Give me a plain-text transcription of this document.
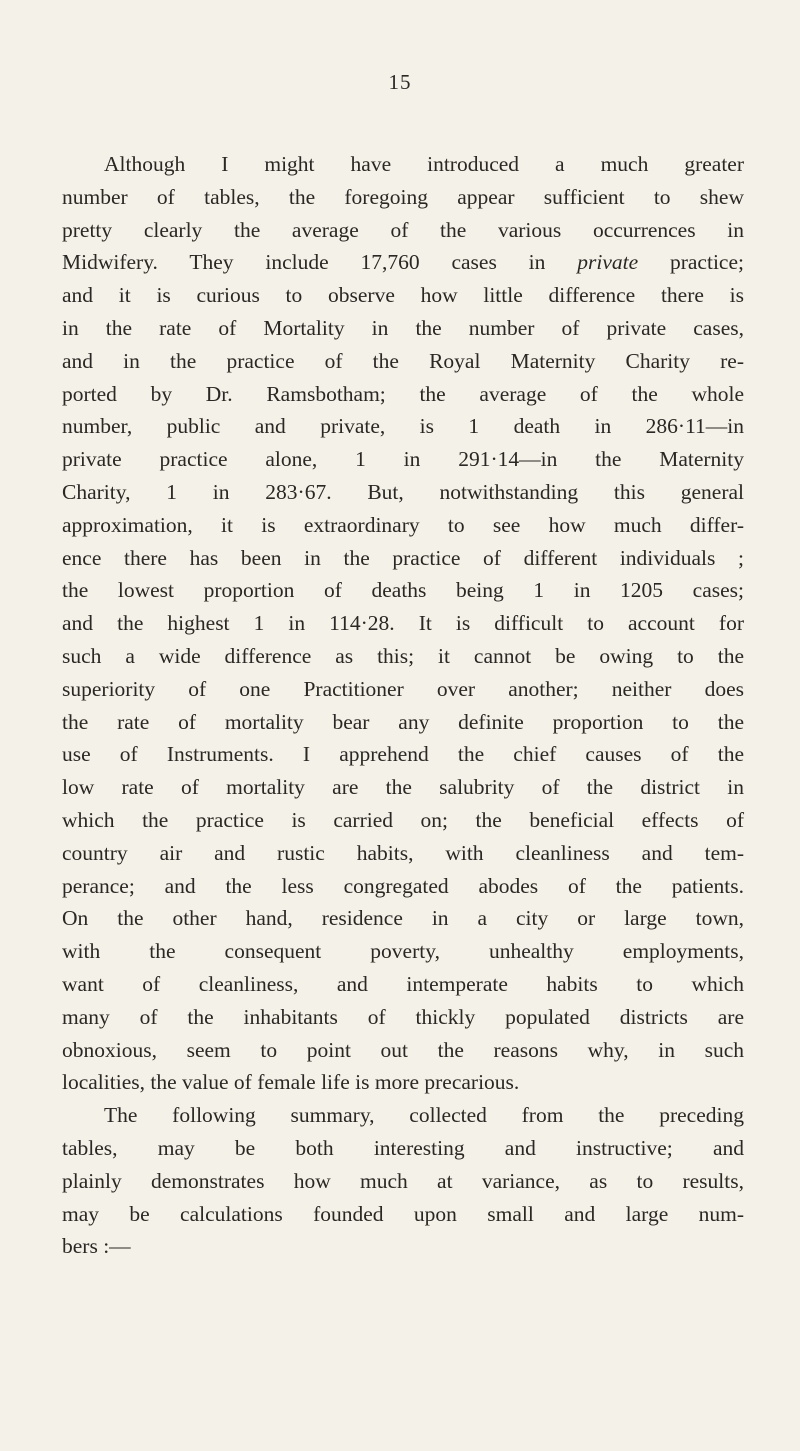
15
Although I might have introduced a much greater
number of tables, the foregoing appear sufficient to shew
pretty clearly the average of the various occurrences in
Midwifery. They include 17,760 cases in private practice;
and it is curious to observe how little difference there is
in the rate of Mortality in the number of private cases,
and in the practice of the Royal Maternity Charity re-
ported by Dr. Ramsbotham; the average of the whole
number, public and private, is 1 death in 286·11—in
private practice alone, 1 in 291·14—in the Maternity
Charity, 1 in 283·67. But, notwithstanding this general
approximation, it is extraordinary to see how much differ-
ence there has been in the practice of different individuals ;
the lowest proportion of deaths being 1 in 1205 cases;
and the highest 1 in 114·28. It is difficult to account for
such a wide difference as this; it cannot be owing to the
superiority of one Practitioner over another; neither does
the rate of mortality bear any definite proportion to the
use of Instruments. I apprehend the chief causes of the
low rate of mortality are the salubrity of the district in
which the practice is carried on; the beneficial effects of
country air and rustic habits, with cleanliness and tem-
perance; and the less congregated abodes of the patients.
On the other hand, residence in a city or large town,
with the consequent poverty, unhealthy employments,
want of cleanliness, and intemperate habits to which
many of the inhabitants of thickly populated districts are
obnoxious, seem to point out the reasons why, in such
localities, the value of female life is more precarious.
The following summary, collected from the preceding
tables, may be both interesting and instructive; and
plainly demonstrates how much at variance, as to results,
may be calculations founded upon small and large num-
bers :—
